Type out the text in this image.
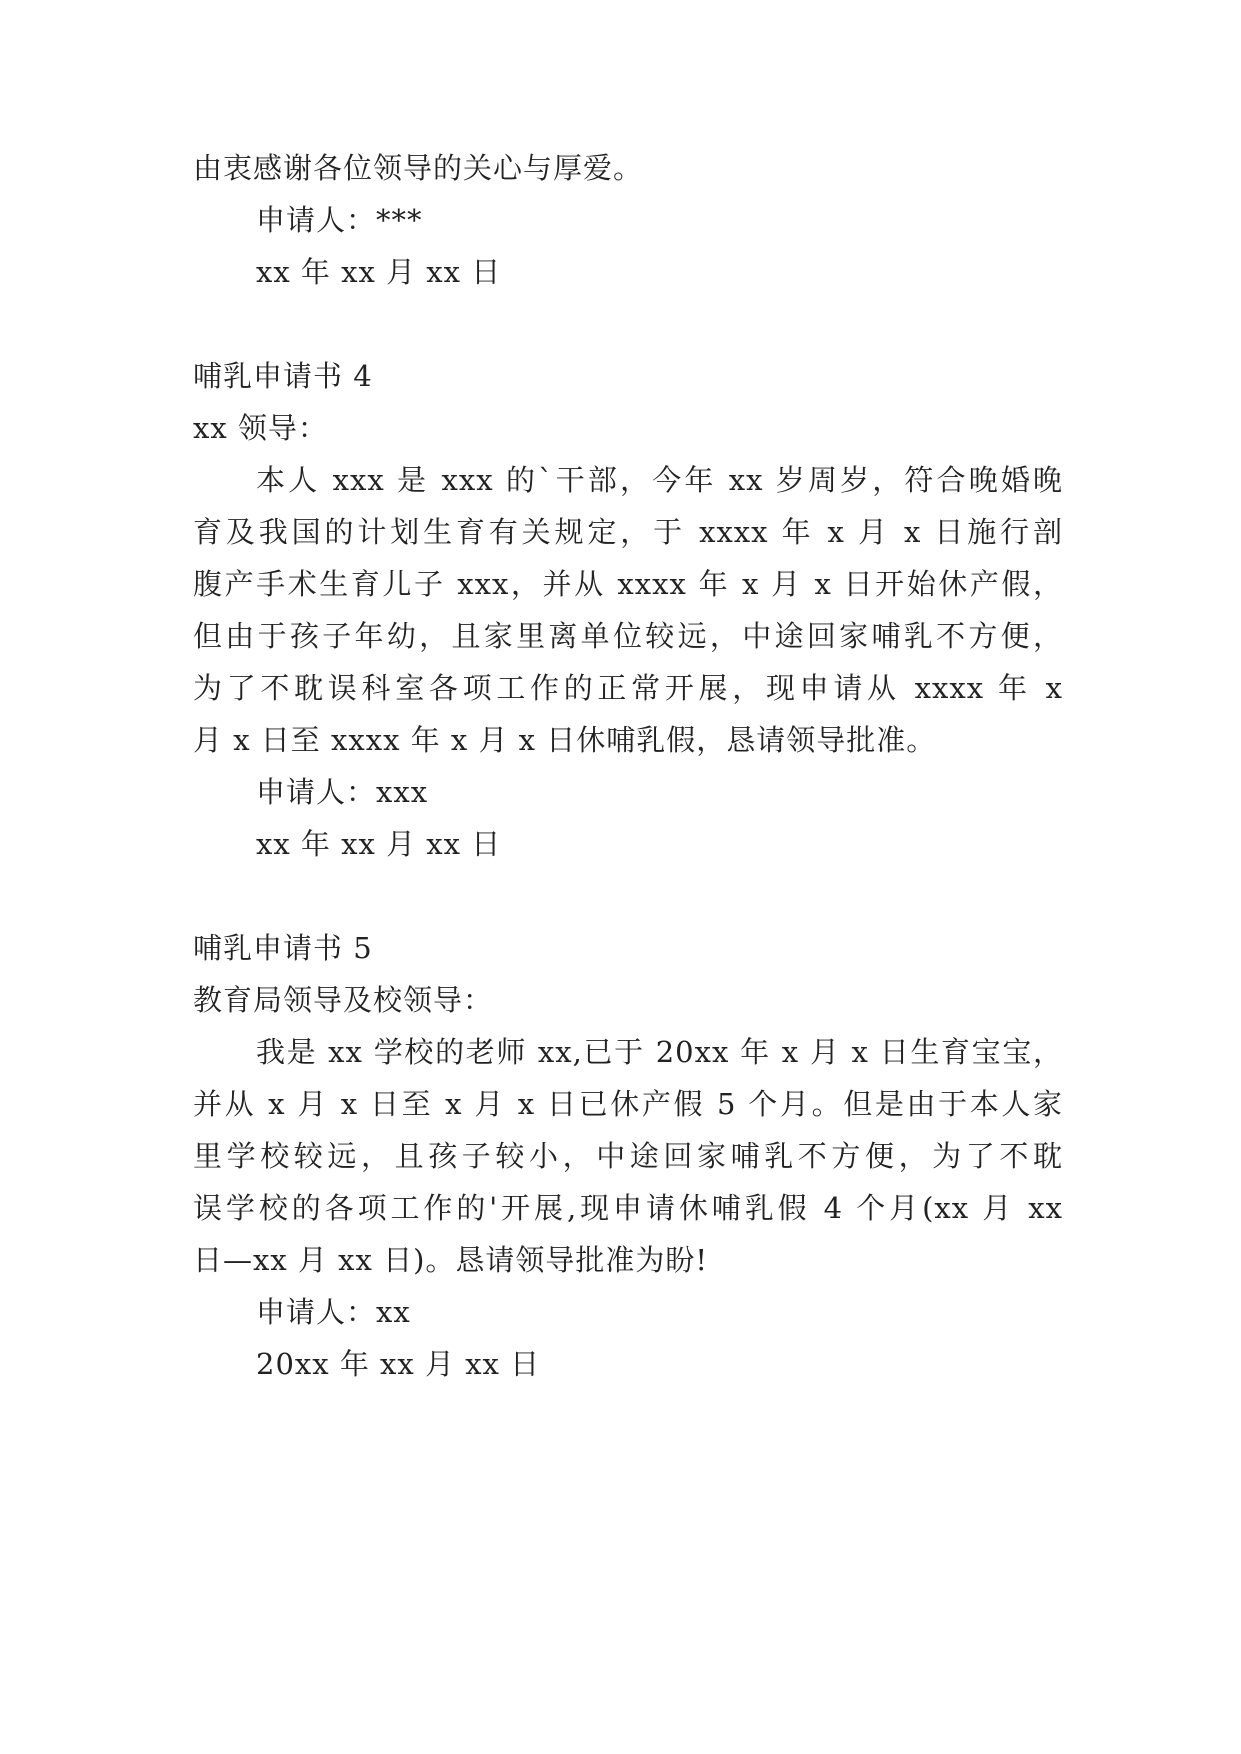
由衷感谢各位领导的关心与厚爱。
申请人：***
xx 年 xx 月 xx 日
哺乳申请书 4
xx 领导：
本人 xxx 是 xxx 的`干部，今年 xx 岁周岁，符合晚婚晚
育及我国的计划生育有关规定，于 xxxx 年 x 月 x 日施行剖
腹产手术生育儿子 xxx，并从 xxxx 年 x 月 x 日开始休产假，
但由于孩子年幼，且家里离单位较远，中途回家哺乳不方便，
为了不耽误科室各项工作的正常开展，现申请从 xxxx 年 x
月 x 日至 xxxx 年 x 月 x 日休哺乳假，恳请领导批准。
申请人：xxx
xx 年 xx 月 xx 日
哺乳申请书 5
教育局领导及校领导：
我是 xx 学校的老师 xx,已于 20xx 年 x 月 x 日生育宝宝，
并从 x 月 x 日至 x 月 x 日已休产假 5 个月。但是由于本人家
里学校较远，且孩子较小，中途回家哺乳不方便，为了不耽
误学校的各项工作的'开展,现申请休哺乳假 4 个月(xx 月 xx
日—xx 月 xx 日)。恳请领导批准为盼!
申请人：xx
20xx 年 xx 月 xx 日
